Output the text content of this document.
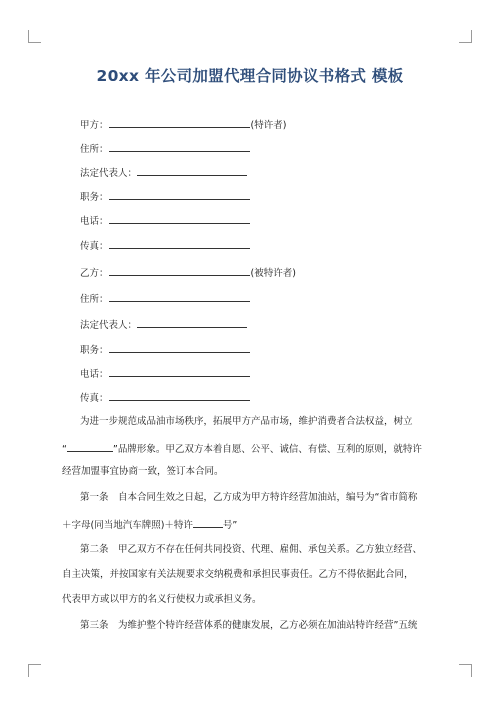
20xx 年公司加盟代理合同协议书格式 模板
甲方：	(特许者)
住所：
法定代表人：
职务：
电话：
传真：
乙方：	(被特许者)
住所：
法定代表人：
职务：
电话：
传真：
为进一步规范成品油市场秩序，拓展甲方产品市场，维护消费者合法权益，树立
“	”品牌形象。甲乙双方本着自愿、公平、诚信、有偿、互利的原则，就特许
经营加盟事宜协商一致，签订本合同。
第一条　自本合同生效之日起，乙方成为甲方特许经营加油站，编号为“省市简称
＋字母(同当地汽车牌照)＋特许	号”
第二条　甲乙双方不存在任何共同投资、代理、雇佣、承包关系。乙方独立经营、
自主决策，并按国家有关法规要求交纳税费和承担民事责任。乙方不得依据此合同，
代表甲方或以甲方的名义行使权力或承担义务。
第三条　为维护整个特许经营体系的健康发展，乙方必须在加油站特许经营”五统
